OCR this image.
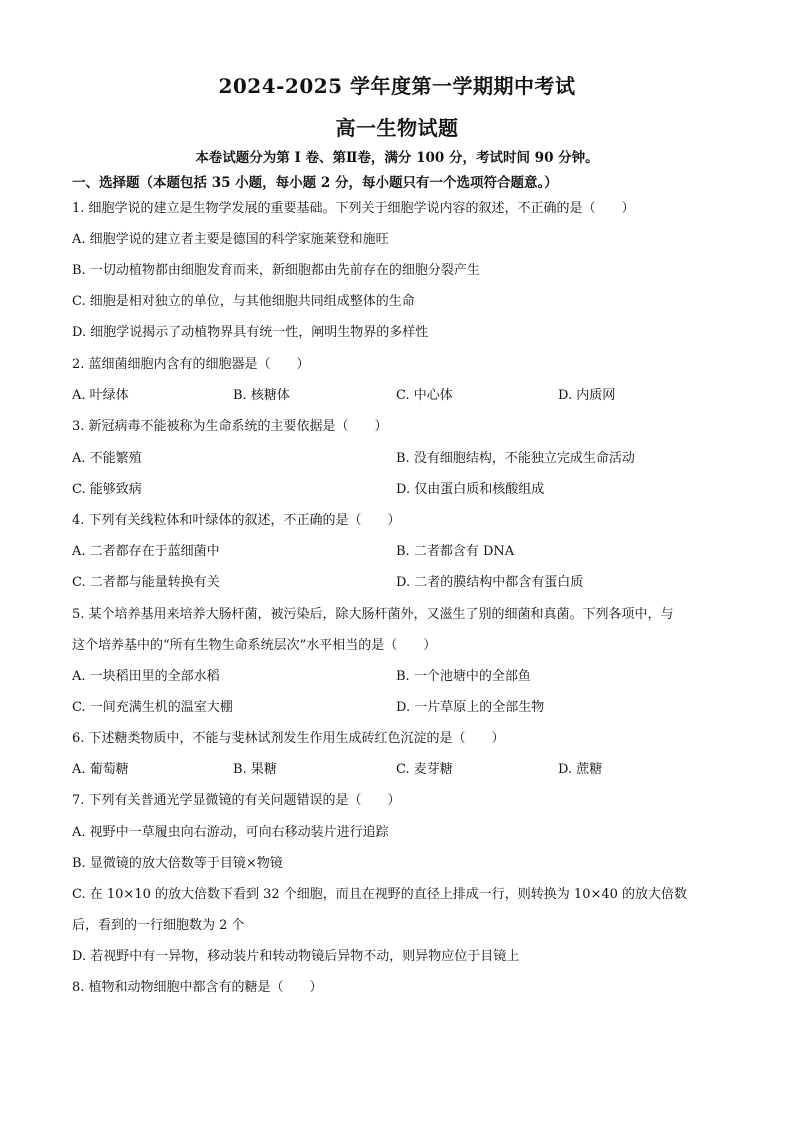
2024-2025 学年度第一学期期中考试
高一生物试题
本卷试题分为第 I 卷、第Ⅱ卷，满分 100 分，考试时间 90 分钟。
一、选择题（本题包括 35 小题，每小题 2 分，每小题只有一个选项符合题意。）
1. 细胞学说的建立是生物学发展的重要基础。下列关于细胞学说内容的叙述，不正确的是（　　）
A. 细胞学说的建立者主要是德国的科学家施莱登和施旺
B. 一切动植物都由细胞发育而来，新细胞都由先前存在的细胞分裂产生
C. 细胞是相对独立的单位，与其他细胞共同组成整体的生命
D. 细胞学说揭示了动植物界具有统一性，阐明生物界的多样性
2. 蓝细菌细胞内含有的细胞器是（　　）
A. 叶绿体	B. 核糖体	C. 中心体	D. 内质网
3. 新冠病毒不能被称为生命系统的主要依据是（　　）
A. 不能繁殖	B. 没有细胞结构，不能独立完成生命活动
C. 能够致病	D. 仅由蛋白质和核酸组成
4. 下列有关线粒体和叶绿体的叙述，不正确的是（　　）
A. 二者都存在于蓝细菌中	B. 二者都含有 DNA
C. 二者都与能量转换有关	D. 二者的膜结构中都含有蛋白质
5. 某个培养基用来培养大肠杆菌，被污染后，除大肠杆菌外，又滋生了别的细菌和真菌。下列各项中，与
这个培养基中的“所有生物生命系统层次”水平相当的是（　　）
A. 一块稻田里的全部水稻	B. 一个池塘中的全部鱼
C. 一间充满生机的温室大棚	D. 一片草原上的全部生物
6. 下述糖类物质中，不能与斐林试剂发生作用生成砖红色沉淀的是（　　）
A. 葡萄糖	B. 果糖	C. 麦芽糖	D. 蔗糖
7. 下列有关普通光学显微镜的有关问题错误的是（　　）
A. 视野中一草履虫向右游动，可向右移动装片进行追踪
B. 显微镜的放大倍数等于目镜×物镜
C. 在 10×10 的放大倍数下看到 32 个细胞，而且在视野的直径上排成一行，则转换为 10×40 的放大倍数
后，看到的一行细胞数为 2 个
D. 若视野中有一异物，移动装片和转动物镜后异物不动，则异物应位于目镜上
8. 植物和动物细胞中都含有的糖是（　　）
